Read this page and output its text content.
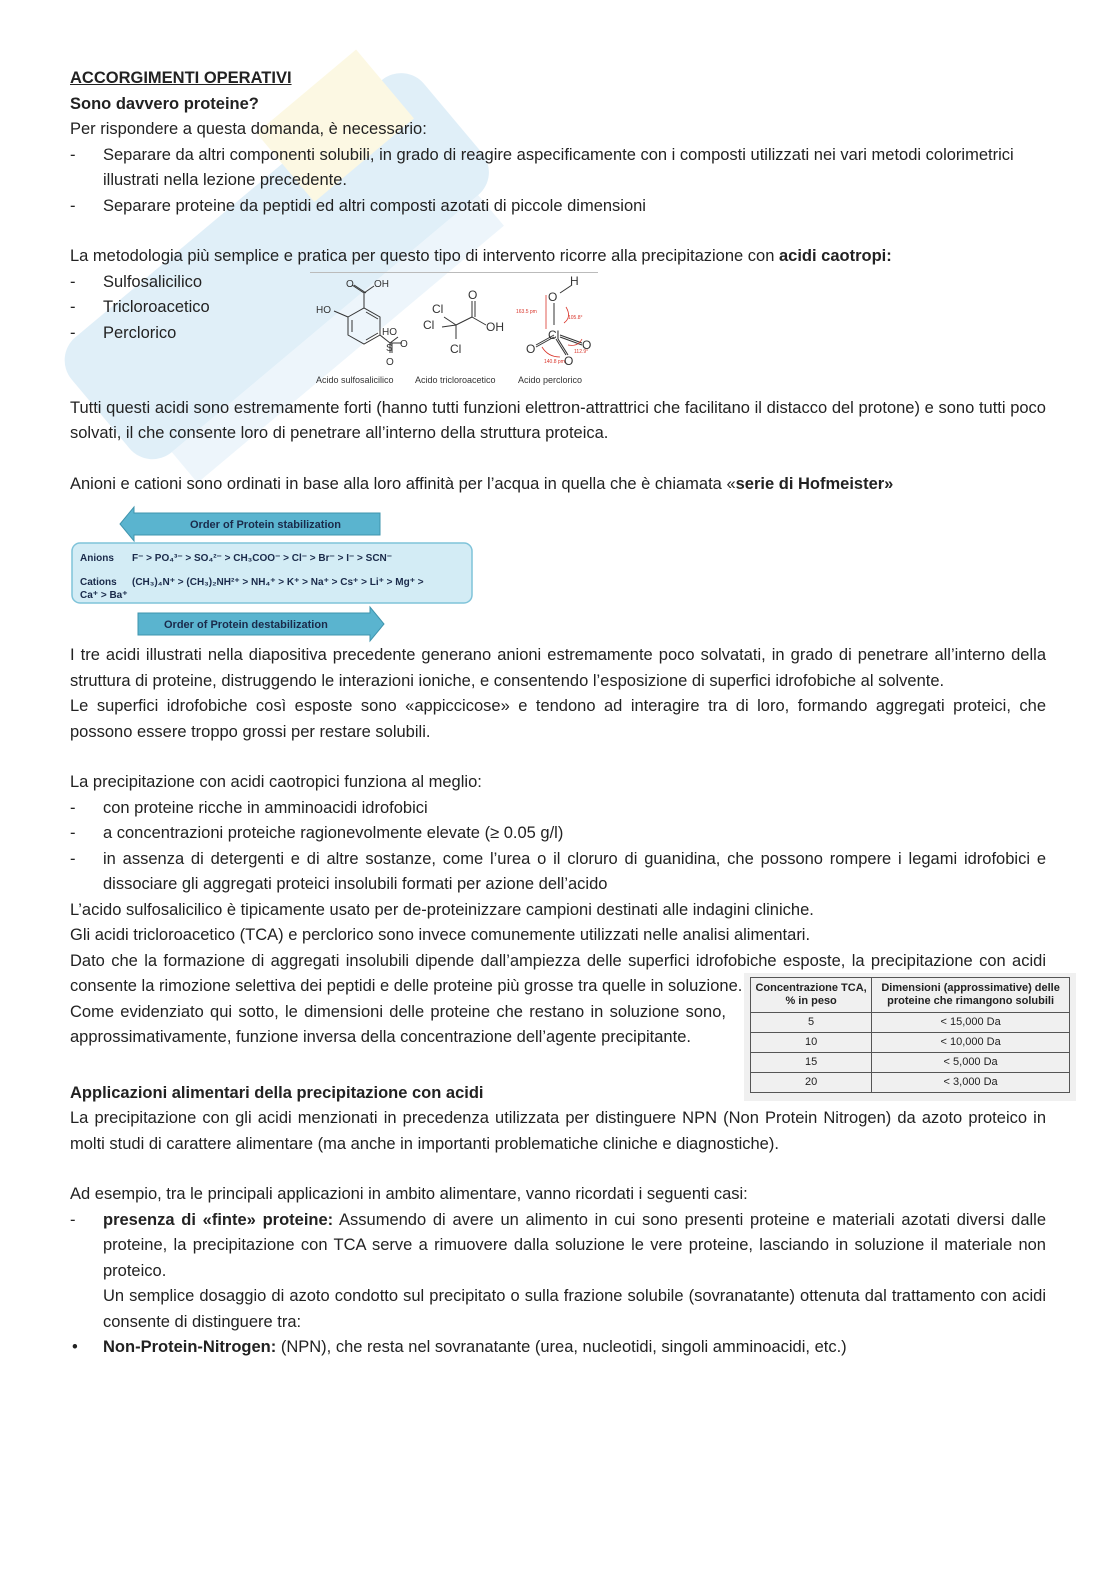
ACCORGIMENTI OPERATIVI

Sono davvero proteine?

Per rispondere a questa domanda, è necessario:

- Separare da altri componenti solubili, in grado di reagire aspecificamente con i composti utilizzati nei vari metodi colorimetrici illustrati nella lezione precedente.
- Separare proteine da peptidi ed altri composti azotati di piccole dimensioni

La metodologia più semplice e pratica per questo tipo di intervento ricorre alla precipitazione con acidi caotropi:

- Sulfosalicilico
- Tricloroacetico
- Perclorico
O OH
HO
HO
S O
O
Acido sulfosalicilico
Cl
Cl
Cl
O
OH
Acido tricloroacetico
O
H
Cl
O	O
O
163.5 pm
105.8°
112.9°
140.8 pm
Acido perclorico

Tutti questi acidi sono estremamente forti (hanno tutti funzioni elettron-attrattrici che facilitano il distacco del protone) e sono tutti poco solvati, il che consente loro di penetrare all’interno della struttura proteica.

Anioni e cationi sono ordinati in base alla loro affinità per l’acqua in quella che è chiamata «serie di Hofmeister»

Order of Protein stabilization
Anions F⁻ > PO₄³⁻ > SO₄²⁻ > CH₃COO⁻ > Cl⁻ > Br⁻ > I⁻ > SCN⁻
Cations (CH₃)₄N⁺ > (CH₃)₂NH²⁺ > NH₄⁺ > K⁺ > Na⁺ > Cs⁺ > Li⁺ > Mg⁺ >
Ca⁺ > Ba⁺
Order of Protein destabilization

I tre acidi illustrati nella diapositiva precedente generano anioni estremamente poco solvatati, in grado di penetrare all’interno della struttura di proteine, distruggendo le interazioni ioniche, e consentendo l’esposizione di superfici idrofobiche al solvente.

Le superfici idrofobiche così esposte sono «appiccicose» e tendono ad interagire tra di loro, formando aggregati proteici, che possono essere troppo grossi per restare solubili.

La precipitazione con acidi caotropici funziona al meglio:

- con proteine ricche in amminoacidi idrofobici
- a concentrazioni proteiche ragionevolmente elevate (≥ 0.05 g/l)
- in assenza di detergenti e di altre sostanze, come l’urea o il cloruro di guanidina, che possono rompere i legami idrofobici e dissociare gli aggregati proteici insolubili formati per azione dell’acido

L’acido sulfosalicilico è tipicamente usato per de-proteinizzare campioni destinati alle indagini cliniche.

Gli acidi tricloroacetico (TCA) e perclorico sono invece comunemente utilizzati nelle analisi alimentari.

Dato che la formazione di aggregati insolubili dipende dall’ampiezza delle superfici idrofobiche esposte, la precipitazione con acidi consente la rimozione selettiva dei peptidi e delle proteine più grosse tra quelle in soluzione.

Come evidenziato qui sotto, le dimensioni delle proteine che restano in soluzione sono, approssimativamente, funzione inversa della concentrazione dell’agente precipitante.

Concentrazione TCA, % in peso	Dimensioni (approssimative) delle proteine che rimangono solubili
5	< 15,000 Da
10	< 10,000 Da
15	< 5,000 Da
20	< 3,000 Da

Applicazioni alimentari della precipitazione con acidi

La precipitazione con gli acidi menzionati in precedenza utilizzata per distinguere NPN (Non Protein Nitrogen) da azoto proteico in molti studi di carattere alimentare (ma anche in importanti problematiche cliniche e diagnostiche).

Ad esempio, tra le principali applicazioni in ambito alimentare, vanno ricordati i seguenti casi:

- presenza di «finte» proteine: Assumendo di avere un alimento in cui sono presenti proteine e materiali azotati diversi dalle proteine, la precipitazione con TCA serve a rimuovere dalla soluzione le vere proteine, lasciando in soluzione il materiale non proteico.

Un semplice dosaggio di azoto condotto sul precipitato o sulla frazione solubile (sovranatante) ottenuta dal trattamento con acidi consente di distinguere tra:

• Non-Protein-Nitrogen: (NPN), che resta nel sovranatante (urea, nucleotidi, singoli amminoacidi, etc.)
